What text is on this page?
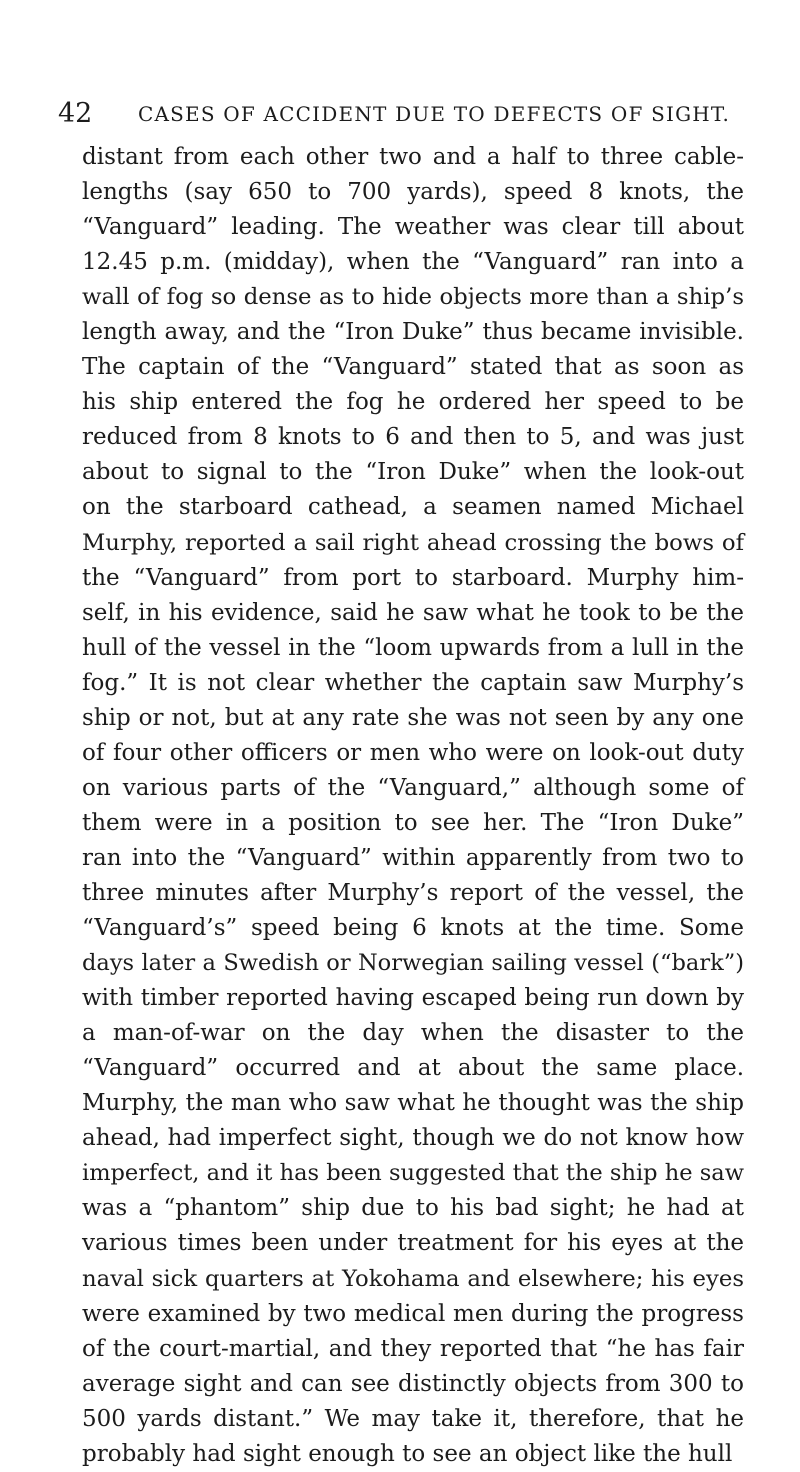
42 CASES OF ACCIDENT DUE TO DEFECTS OF SIGHT.
distant from each other two and a half to three cable-
lengths (say 650 to 700 yards), speed 8 knots, the
“Vanguard” leading. The weather was clear till about
12.45 p.m. (midday), when the “Vanguard” ran into a
wall of fog so dense as to hide objects more than a ship’s
length away, and the “Iron Duke” thus became invisible.
The captain of the “Vanguard” stated that as soon as
his ship entered the fog he ordered her speed to be
reduced from 8 knots to 6 and then to 5, and was just
about to signal to the “Iron Duke” when the look-out
on the starboard cathead, a seamen named Michael
Murphy, reported a sail right ahead crossing the bows of
the “Vanguard” from port to starboard. Murphy him-
self, in his evidence, said he saw what he took to be the
hull of the vessel in the “loom upwards from a lull in the
fog.” It is not clear whether the captain saw Murphy’s
ship or not, but at any rate she was not seen by any one
of four other officers or men who were on look-out duty
on various parts of the “Vanguard,” although some of
them were in a position to see her. The “Iron Duke”
ran into the “Vanguard” within apparently from two to
three minutes after Murphy’s report of the vessel, the
“Vanguard’s” speed being 6 knots at the time. Some
days later a Swedish or Norwegian sailing vessel (“bark”)
with timber reported having escaped being run down by
a man-of-war on the day when the disaster to the
“Vanguard” occurred and at about the same place.
Murphy, the man who saw what he thought was the ship
ahead, had imperfect sight, though we do not know how
imperfect, and it has been suggested that the ship he saw
was a “phantom” ship due to his bad sight; he had at
various times been under treatment for his eyes at the
naval sick quarters at Yokohama and elsewhere; his eyes
were examined by two medical men during the progress
of the court-martial, and they reported that “he has fair
average sight and can see distinctly objects from 300 to
500 yards distant.” We may take it, therefore, that he
probably had sight enough to see an object like the hull
